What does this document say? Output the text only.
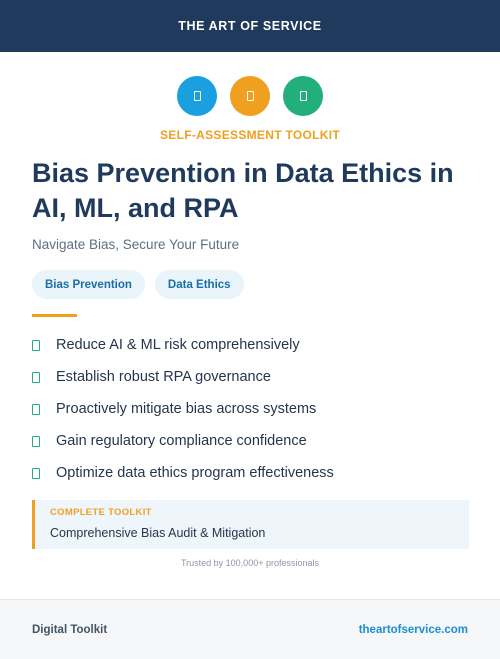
THE ART OF SERVICE
SELF-ASSESSMENT TOOLKIT
Bias Prevention in Data Ethics in AI, ML, and RPA
Navigate Bias, Secure Your Future
Bias Prevention	Data Ethics
Reduce AI & ML risk comprehensively
Establish robust RPA governance
Proactively mitigate bias across systems
Gain regulatory compliance confidence
Optimize data ethics program effectiveness
COMPLETE TOOLKIT
Comprehensive Bias Audit & Mitigation
Trusted by 100,000+ professionals
Digital Toolkit	theartofservice.com
